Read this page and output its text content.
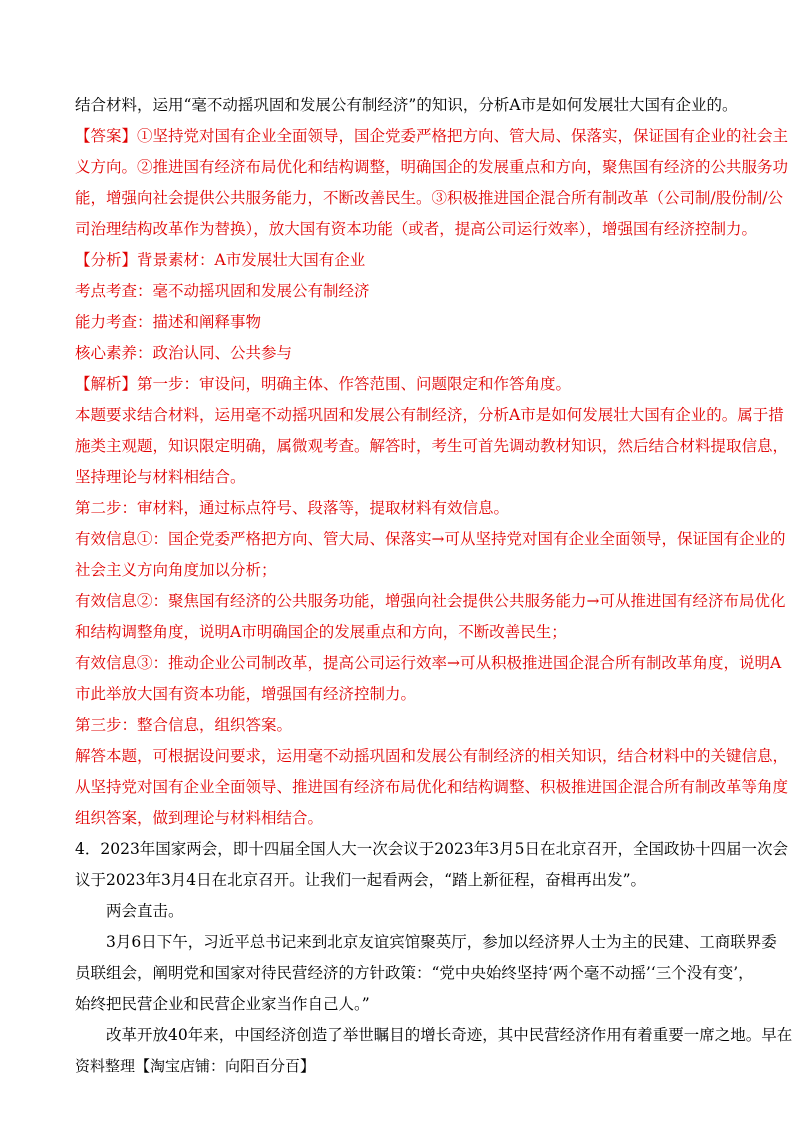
结合材料，运用“毫不动摇巩固和发展公有制经济”的知识，分析A市是如何发展壮大国有企业的。
【答案】①坚持党对国有企业全面领导，国企党委严格把方向、管大局、保落实，保证国有企业的社会主
义方向。②推进国有经济布局优化和结构调整，明确国企的发展重点和方向，聚焦国有经济的公共服务功
能，增强向社会提供公共服务能力，不断改善民生。③积极推进国企混合所有制改革（公司制/股份制/公
司治理结构改革作为替换），放大国有资本功能（或者，提高公司运行效率），增强国有经济控制力。
【分析】背景素材：A市发展壮大国有企业
考点考查：毫不动摇巩固和发展公有制经济
能力考查：描述和阐释事物
核心素养：政治认同、公共参与
【解析】第一步：审设问，明确主体、作答范围、问题限定和作答角度。
本题要求结合材料，运用毫不动摇巩固和发展公有制经济，分析A市是如何发展壮大国有企业的。属于措
施类主观题，知识限定明确，属微观考查。解答时，考生可首先调动教材知识，然后结合材料提取信息，
坚持理论与材料相结合。
第二步：审材料，通过标点符号、段落等，提取材料有效信息。
有效信息①：国企党委严格把方向、管大局、保落实→可从坚持党对国有企业全面领导，保证国有企业的
社会主义方向角度加以分析；
有效信息②：聚焦国有经济的公共服务功能，增强向社会提供公共服务能力→可从推进国有经济布局优化
和结构调整角度，说明A市明确国企的发展重点和方向，不断改善民生；
有效信息③：推动企业公司制改革，提高公司运行效率→可从积极推进国企混合所有制改革角度，说明A
市此举放大国有资本功能，增强国有经济控制力。
第三步：整合信息，组织答案。
解答本题，可根据设问要求，运用毫不动摇巩固和发展公有制经济的相关知识，结合材料中的关键信息，
从坚持党对国有企业全面领导、推进国有经济布局优化和结构调整、积极推进国企混合所有制改革等角度
组织答案，做到理论与材料相结合。
4．2023年国家两会，即十四届全国人大一次会议于2023年3月5日在北京召开，全国政协十四届一次会
议于2023年3月4日在北京召开。让我们一起看两会，“踏上新征程，奋楫再出发”。
两会直击。
3月6日下午，习近平总书记来到北京友谊宾馆聚英厅，参加以经济界人士为主的民建、工商联界委
员联组会，阐明党和国家对待民营经济的方针政策：“党中央始终坚持‘两个毫不动摇’‘三个没有变’，
始终把民营企业和民营企业家当作自己人。”
改革开放40年来，中国经济创造了举世瞩目的增长奇迹，其中民营经济作用有着重要一席之地。早在
资料整理【淘宝店铺：向阳百分百】
